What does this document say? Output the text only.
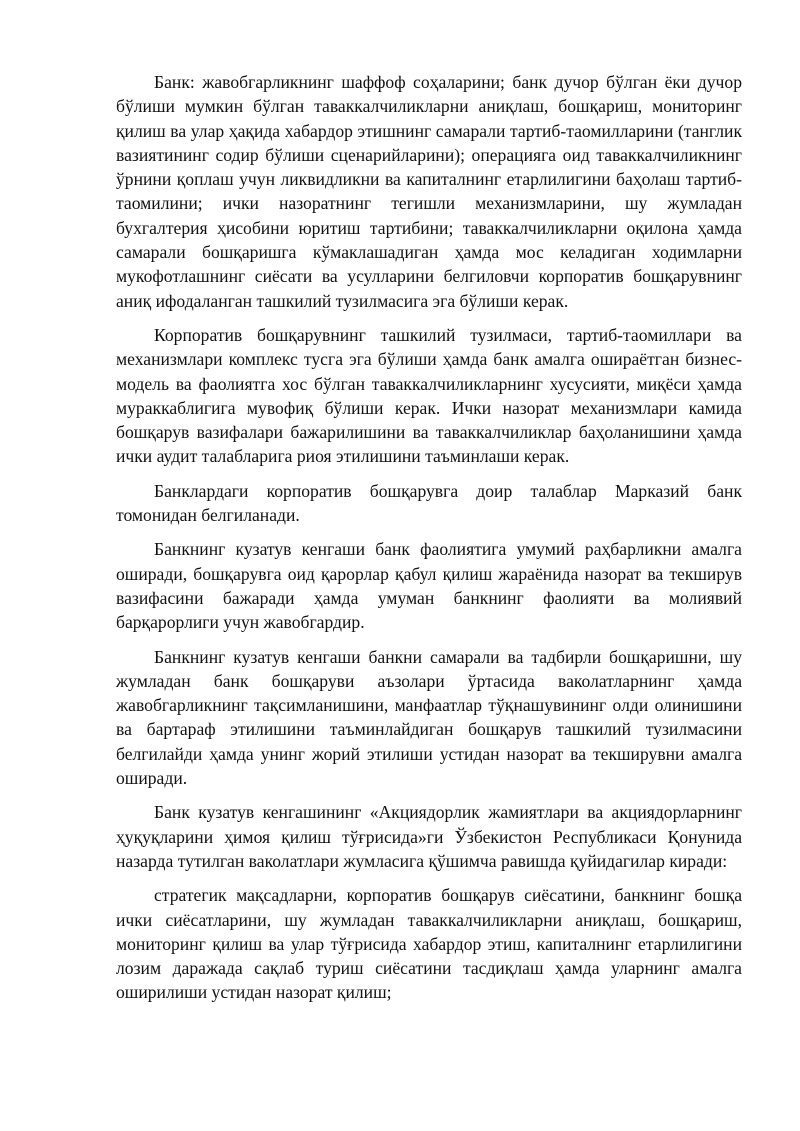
Банк: жавобгарликнинг шаффоф соҳаларини; банк дучор бўлган ёки дучор бўлиши мумкин бўлган таваккалчиликларни аниқлаш, бошқариш, мониторинг қилиш ва улар ҳақида хабардор этишнинг самарали тартиб-таомилларини (танглик вазиятининг содир бўлиши сценарийларини); операцияга оид таваккалчиликнинг ўрнини қоплаш учун ликвидликни ва капиталнинг етарлилигини баҳолаш тартиб-таомилини; ички назоратнинг тегишли механизмларини, шу жумладан бухгалтерия ҳисобини юритиш тартибини; таваккалчиликларни оқилона ҳамда самарали бошқаришга кўмаклашадиган ҳамда мос келадиган ходимларни мукофотлашнинг сиёсати ва усулларини белгиловчи корпоратив бошқарувнинг аниқ ифодаланган ташкилий тузилмасига эга бўлиши керак.

Корпоратив бошқарувнинг ташкилий тузилмаси, тартиб-таомиллари ва механизмлари комплекс тусга эга бўлиши ҳамда банк амалга ошираётган бизнес-модель ва фаолиятга хос бўлган таваккалчиликларнинг хусусияти, миқёси ҳамда мураккаблигига мувофиқ бўлиши керак. Ички назорат механизмлари камида бошқарув вазифалари бажарилишини ва таваккалчиликлар баҳоланишини ҳамда ички аудит талабларига риоя этилишини таъминлаши керак.

Банклардаги корпоратив бошқарувга доир талаблар Марказий банк томонидан белгиланади.

Банкнинг кузатув кенгаши банк фаолиятига умумий раҳбарликни амалга оширади, бошқарувга оид қарорлар қабул қилиш жараёнида назорат ва текширув вазифасини бажаради ҳамда умуман банкнинг фаолияти ва молиявий барқарорлиги учун жавобгардир.

Банкнинг кузатув кенгаши банкни самарали ва тадбирли бошқаришни, шу жумладан банк бошқаруви аъзолари ўртасида ваколатларнинг ҳамда жавобгарликнинг тақсимланишини, манфаатлар тўқнашувининг олди олинишини ва бартараф этилишини таъминлайдиган бошқарув ташкилий тузилмасини белгилайди ҳамда унинг жорий этилиши устидан назорат ва текширувни амалга оширади.

Банк кузатув кенгашининг «Акциядорлик жамиятлари ва акциядорларнинг ҳуқуқларини ҳимоя қилиш тўғрисида»ги Ўзбекистон Республикаси Қонунида назарда тутилган ваколатлари жумласига қўшимча равишда қуйидагилар киради:

стратегик мақсадларни, корпоратив бошқарув сиёсатини, банкнинг бошқа ички сиёсатларини, шу жумладан таваккалчиликларни аниқлаш, бошқариш, мониторинг қилиш ва улар тўғрисида хабардор этиш, капиталнинг етарлилигини лозим даражада сақлаб туриш сиёсатини тасдиқлаш ҳамда уларнинг амалга оширилиши устидан назорат қилиш;
